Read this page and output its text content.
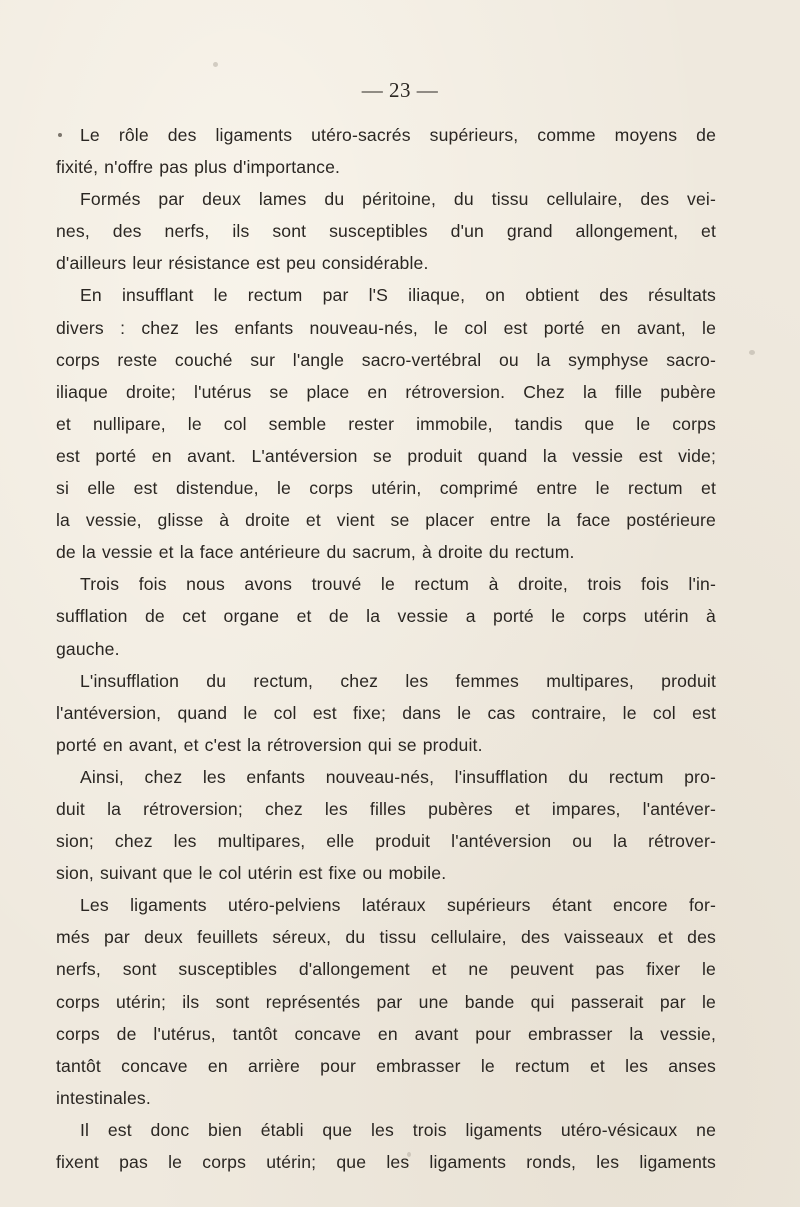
— 23 —
Le rôle des ligaments utéro-sacrés supérieurs, comme moyens de
fixité, n'offre pas plus d'importance.
Formés par deux lames du péritoine, du tissu cellulaire, des vei-
nes, des nerfs, ils sont susceptibles d'un grand allongement, et
d'ailleurs leur résistance est peu considérable.
En insufflant le rectum par l'S iliaque, on obtient des résultats
divers : chez les enfants nouveau-nés, le col est porté en avant, le
corps reste couché sur l'angle sacro-vertébral ou la symphyse sacro-
iliaque droite; l'utérus se place en rétroversion. Chez la fille pubère
et nullipare, le col semble rester immobile, tandis que le corps
est porté en avant. L'antéversion se produit quand la vessie est vide;
si elle est distendue, le corps utérin, comprimé entre le rectum et
la vessie, glisse à droite et vient se placer entre la face postérieure
de la vessie et la face antérieure du sacrum, à droite du rectum.
Trois fois nous avons trouvé le rectum à droite, trois fois l'in-
sufflation de cet organe et de la vessie a porté le corps utérin à
gauche.
L'insufflation du rectum, chez les femmes multipares, produit
l'antéversion, quand le col est fixe; dans le cas contraire, le col est
porté en avant, et c'est la rétroversion qui se produit.
Ainsi, chez les enfants nouveau-nés, l'insufflation du rectum pro-
duit la rétroversion; chez les filles pubères et impares, l'antéver-
sion; chez les multipares, elle produit l'antéversion ou la rétrover-
sion, suivant que le col utérin est fixe ou mobile.
Les ligaments utéro-pelviens latéraux supérieurs étant encore for-
més par deux feuillets séreux, du tissu cellulaire, des vaisseaux et des
nerfs, sont susceptibles d'allongement et ne peuvent pas fixer le
corps utérin; ils sont représentés par une bande qui passerait par le
corps de l'utérus, tantôt concave en avant pour embrasser la vessie,
tantôt concave en arrière pour embrasser le rectum et les anses
intestinales.
Il est donc bien établi que les trois ligaments utéro-vésicaux ne
fixent pas le corps utérin; que les ligaments ronds, les ligaments
